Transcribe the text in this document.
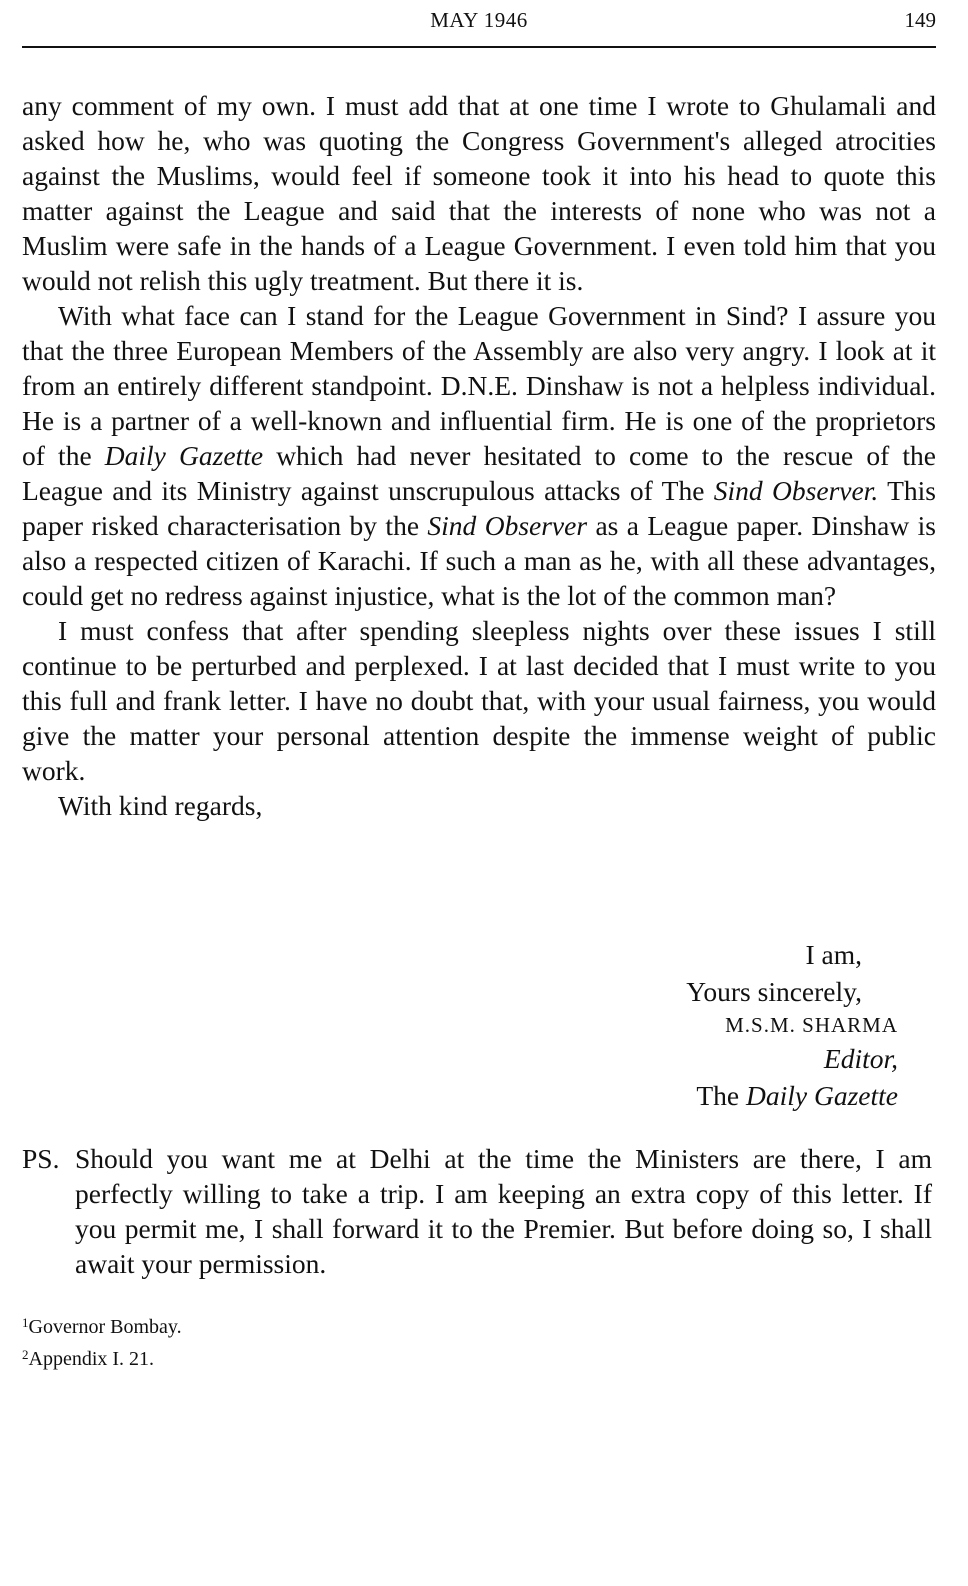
MAY 1946	149

any comment of my own. I must add that at one time I wrote to Ghulamali and asked how he, who was quoting the Congress Government's alleged atrocities against the Muslims, would feel if someone took it into his head to quote this matter against the League and said that the interests of none who was not a Muslim were safe in the hands of a League Government. I even told him that you would not relish this ugly treatment. But there it is.

With what face can I stand for the League Government in Sind? I assure you that the three European Members of the Assembly are also very angry. I look at it from an entirely different standpoint. D.N.E. Dinshaw is not a helpless individual. He is a partner of a well-known and influential firm. He is one of the proprietors of the Daily Gazette which had never hesitated to come to the rescue of the League and its Ministry against unscrupulous attacks of The Sind Observer. This paper risked characterisation by the Sind Observer as a League paper. Dinshaw is also a respected citizen of Karachi. If such a man as he, with all these advantages, could get no redress against injustice, what is the lot of the common man?

I must confess that after spending sleepless nights over these issues I still continue to be perturbed and perplexed. I at last decided that I must write to you this full and frank letter. I have no doubt that, with your usual fairness, you would give the matter your personal attention despite the immense weight of public work.

With kind regards,

I am,
Yours sincerely,
M.S.M. SHARMA
Editor,
The Daily Gazette
PS. Should you want me at Delhi at the time the Ministers are there, I am perfectly willing to take a trip. I am keeping an extra copy of this letter. If you permit me, I shall forward it to the Premier. But before doing so, I shall await your permission.
$^1$Governor Bombay.
$^2$Appendix I. 21.
